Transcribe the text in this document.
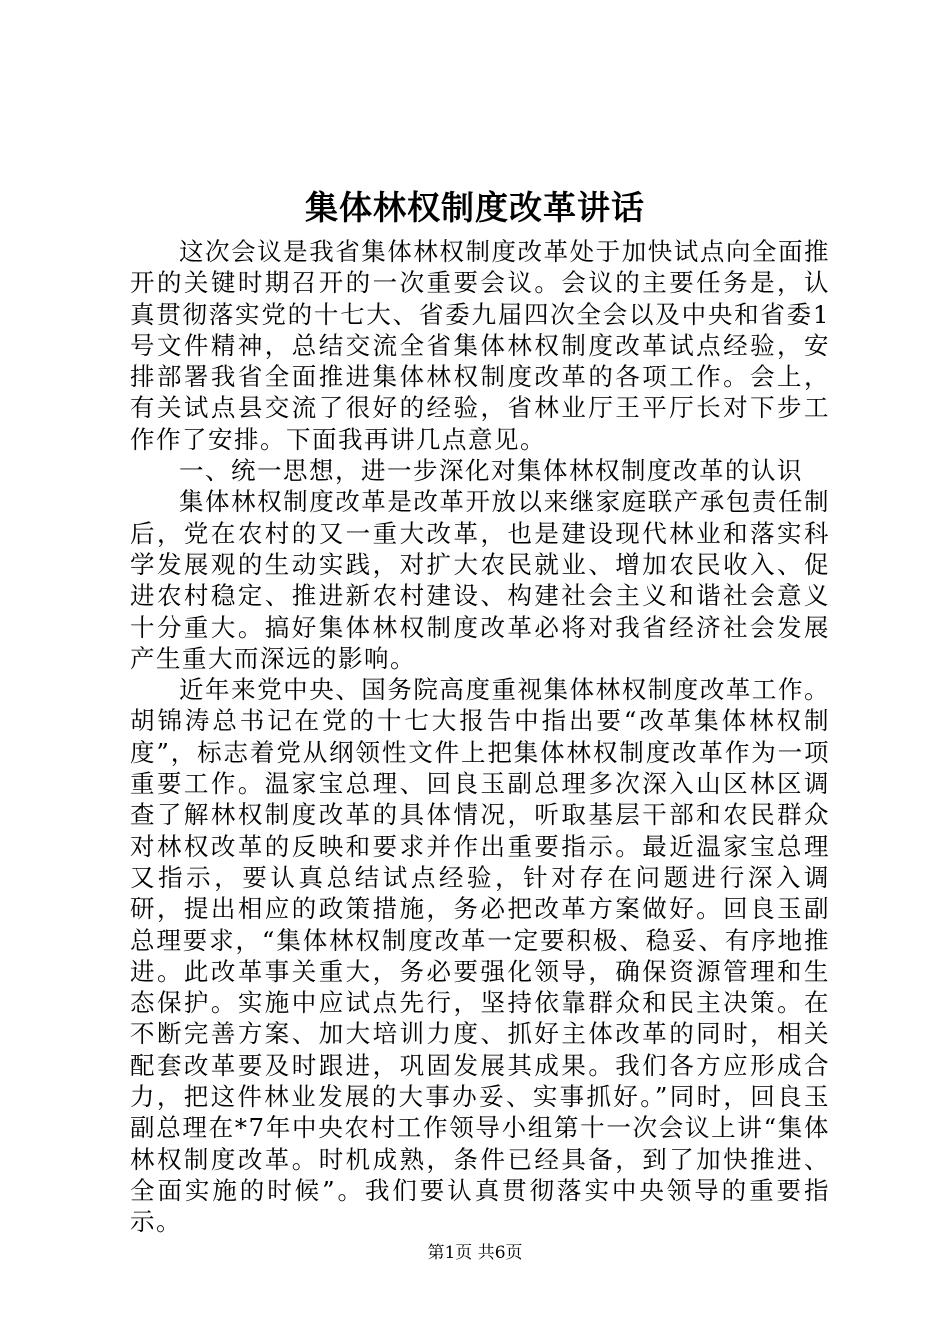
集体林权制度改革讲话

这次会议是我省集体林权制度改革处于加快试点向全面推开的关键时期召开的一次重要会议。会议的主要任务是，认真贯彻落实党的十七大、省委九届四次全会以及中央和省委1号文件精神，总结交流全省集体林权制度改革试点经验，安排部署我省全面推进集体林权制度改革的各项工作。会上，有关试点县交流了很好的经验，省林业厅王平厅长对下步工作作了安排。下面我再讲几点意见。

一、统一思想，进一步深化对集体林权制度改革的认识

集体林权制度改革是改革开放以来继家庭联产承包责任制后，党在农村的又一重大改革，也是建设现代林业和落实科学发展观的生动实践，对扩大农民就业、增加农民收入、促进农村稳定、推进新农村建设、构建社会主义和谐社会意义十分重大。搞好集体林权制度改革必将对我省经济社会发展产生重大而深远的影响。

近年来党中央、国务院高度重视集体林权制度改革工作。胡锦涛总书记在党的十七大报告中指出要“改革集体林权制度”，标志着党从纲领性文件上把集体林权制度改革作为一项重要工作。温家宝总理、回良玉副总理多次深入山区林区调查了解林权制度改革的具体情况，听取基层干部和农民群众对林权改革的反映和要求并作出重要指示。最近温家宝总理又指示，要认真总结试点经验，针对存在问题进行深入调研，提出相应的政策措施，务必把改革方案做好。回良玉副总理要求，“集体林权制度改革一定要积极、稳妥、有序地推进。此改革事关重大，务必要强化领导，确保资源管理和生态保护。实施中应试点先行，坚持依靠群众和民主决策。在不断完善方案、加大培训力度、抓好主体改革的同时，相关配套改革要及时跟进，巩固发展其成果。我们各方应形成合力，把这件林业发展的大事办妥、实事抓好。”同时，回良玉副总理在*7年中央农村工作领导小组第十一次会议上讲“集体林权制度改革。时机成熟，条件已经具备，到了加快推进、全面实施的时候”。我们要认真贯彻落实中央领导的重要指示。

第1页 共6页
